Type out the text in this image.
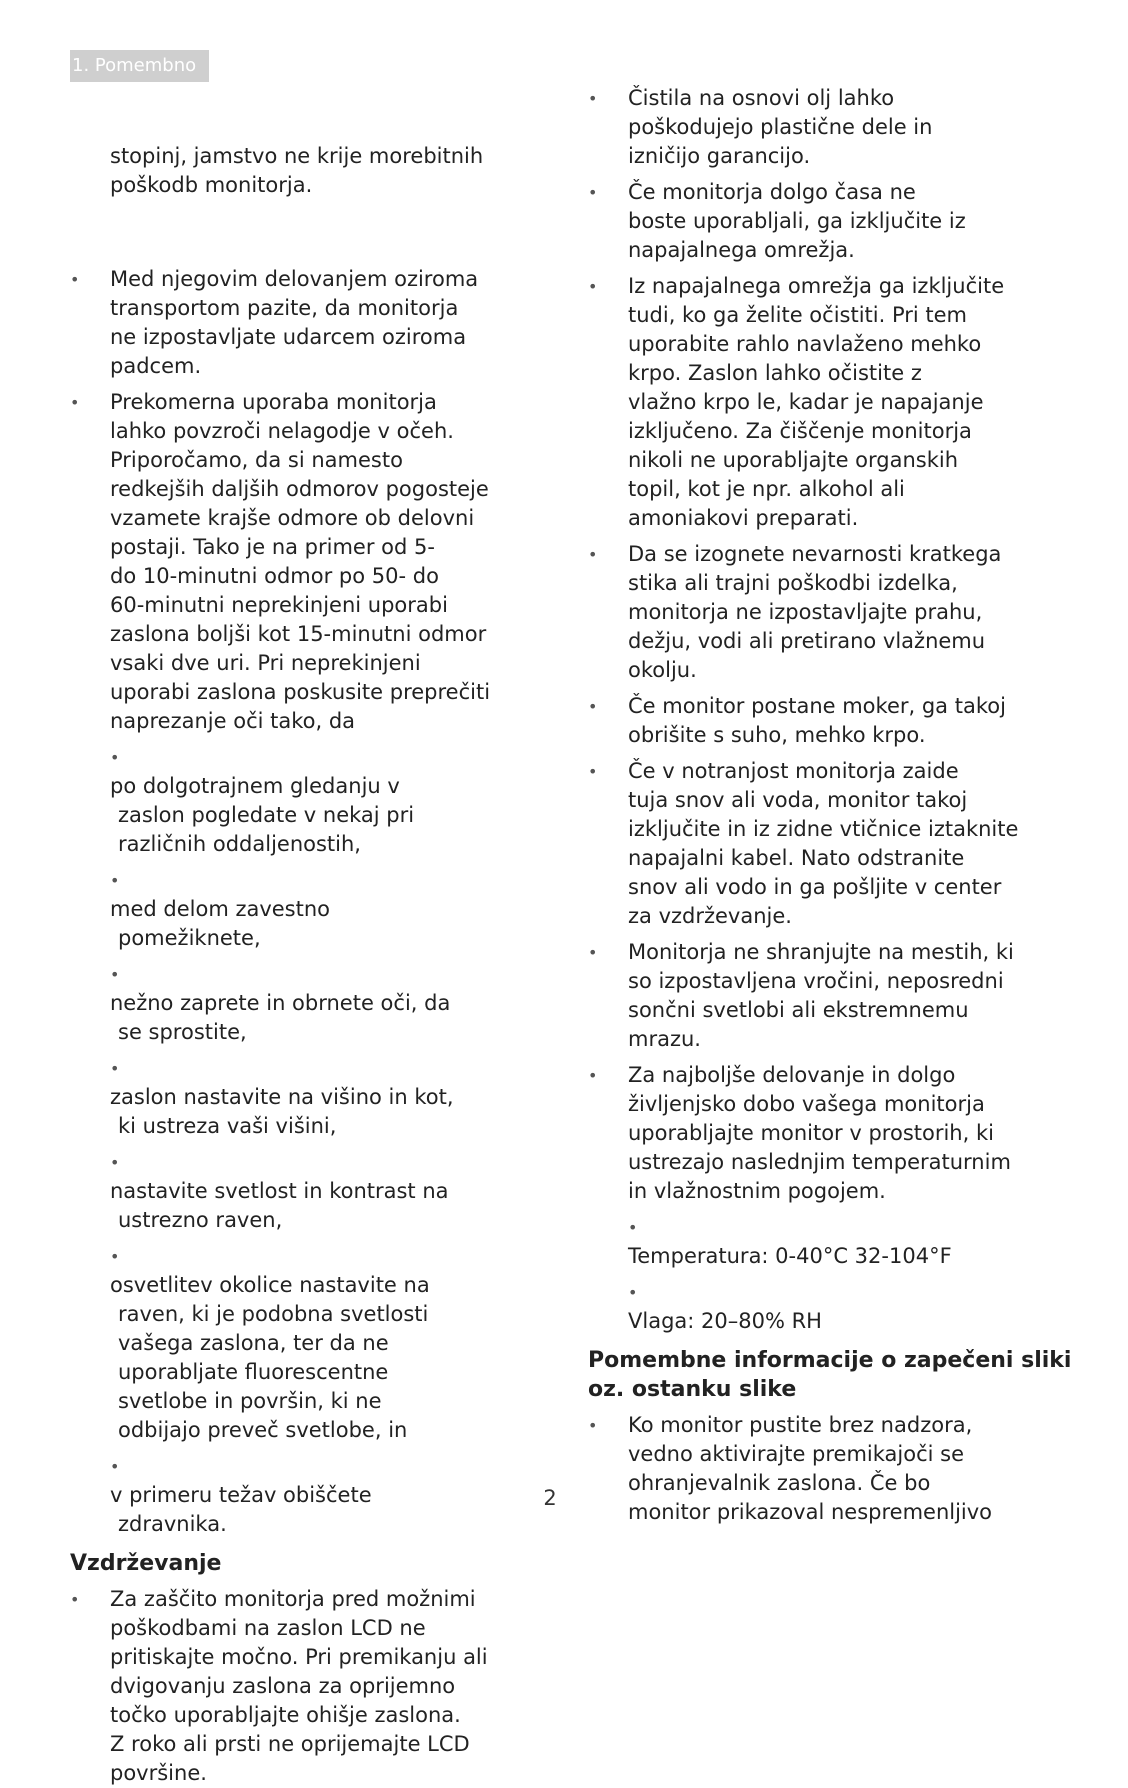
1. Pomembno

stopinj, jamstvo ne krije morebitnih
poškodb monitorja.

• Med njegovim delovanjem oziroma
transportom pazite, da monitorja
ne izpostavljate udarcem oziroma
padcem.
• Prekomerna uporaba monitorja
lahko povzroči nelagodje v očeh.
Priporočamo, da si namesto
redkejših daljših odmorov pogosteje
vzamete krajše odmore ob delovni
postaji. Tako je na primer od 5-
do 10-minutni odmor po 50- do
60-minutni neprekinjeni uporabi
zaslona boljši kot 15-minutni odmor
vsaki dve uri. Pri neprekinjeni
uporabi zaslona poskusite preprečiti
naprezanje oči tako, da
•
po dolgotrajnem gledanju v
zaslon pogledate v nekaj pri
različnih oddaljenostih,
•
med delom zavestno
pomežiknete,
•
nežno zaprete in obrnete oči, da
se sprostite,
•
zaslon nastavite na višino in kot,
ki ustreza vaši višini,
•
nastavite svetlost in kontrast na
ustrezno raven,
•
osvetlitev okolice nastavite na
raven, ki je podobna svetlosti
vašega zaslona, ter da ne
uporabljate fluorescentne
svetlobe in površin, ki ne
odbijajo preveč svetlobe, in
•
v primeru težav obiščete
zdravnika.
Vzdrževanje
• Za zaščito monitorja pred možnimi
poškodbami na zaslon LCD ne
pritiskajte močno. Pri premikanju ali
dvigovanju zaslona za oprijemno
točko uporabljajte ohišje zaslona.
Z roko ali prsti ne oprijemajte LCD
površine.
• Čistila na osnovi olj lahko
poškodujejo plastične dele in
izničijo garancijo.
• Če monitorja dolgo časa ne
boste uporabljali, ga izključite iz
napajalnega omrežja.
• Iz napajalnega omrežja ga izključite
tudi, ko ga želite očistiti. Pri tem
uporabite rahlo navlaženo mehko
krpo. Zaslon lahko očistite z
vlažno krpo le, kadar je napajanje
izključeno. Za čiščenje monitorja
nikoli ne uporabljajte organskih
topil, kot je npr. alkohol ali
amoniakovi preparati.
• Da se izognete nevarnosti kratkega
stika ali trajni poškodbi izdelka,
monitorja ne izpostavljajte prahu,
dežju, vodi ali pretirano vlažnemu
okolju.
• Če monitor postane moker, ga takoj
obrišite s suho, mehko krpo.
• Če v notranjost monitorja zaide
tuja snov ali voda, monitor takoj
izključite in iz zidne vtičnice iztaknite
napajalni kabel. Nato odstranite
snov ali vodo in ga pošljite v center
za vzdrževanje.
• Monitorja ne shranjujte na mestih, ki
so izpostavljena vročini, neposredni
sončni svetlobi ali ekstremnemu
mrazu.
• Za najboljše delovanje in dolgo
življenjsko dobo vašega monitorja
uporabljajte monitor v prostorih, ki
ustrezajo naslednjim temperaturnim
in vlažnostnim pogojem.
•
Temperatura: 0-40°C 32-104°F
•
Vlaga: 20–80% RH
Pomembne informacije o zapečeni sliki
oz. ostanku slike
• Ko monitor pustite brez nadzora,
vedno aktivirajte premikajoči se
ohranjevalnik zaslona. Če bo
monitor prikazoval nespremenljivo
2
